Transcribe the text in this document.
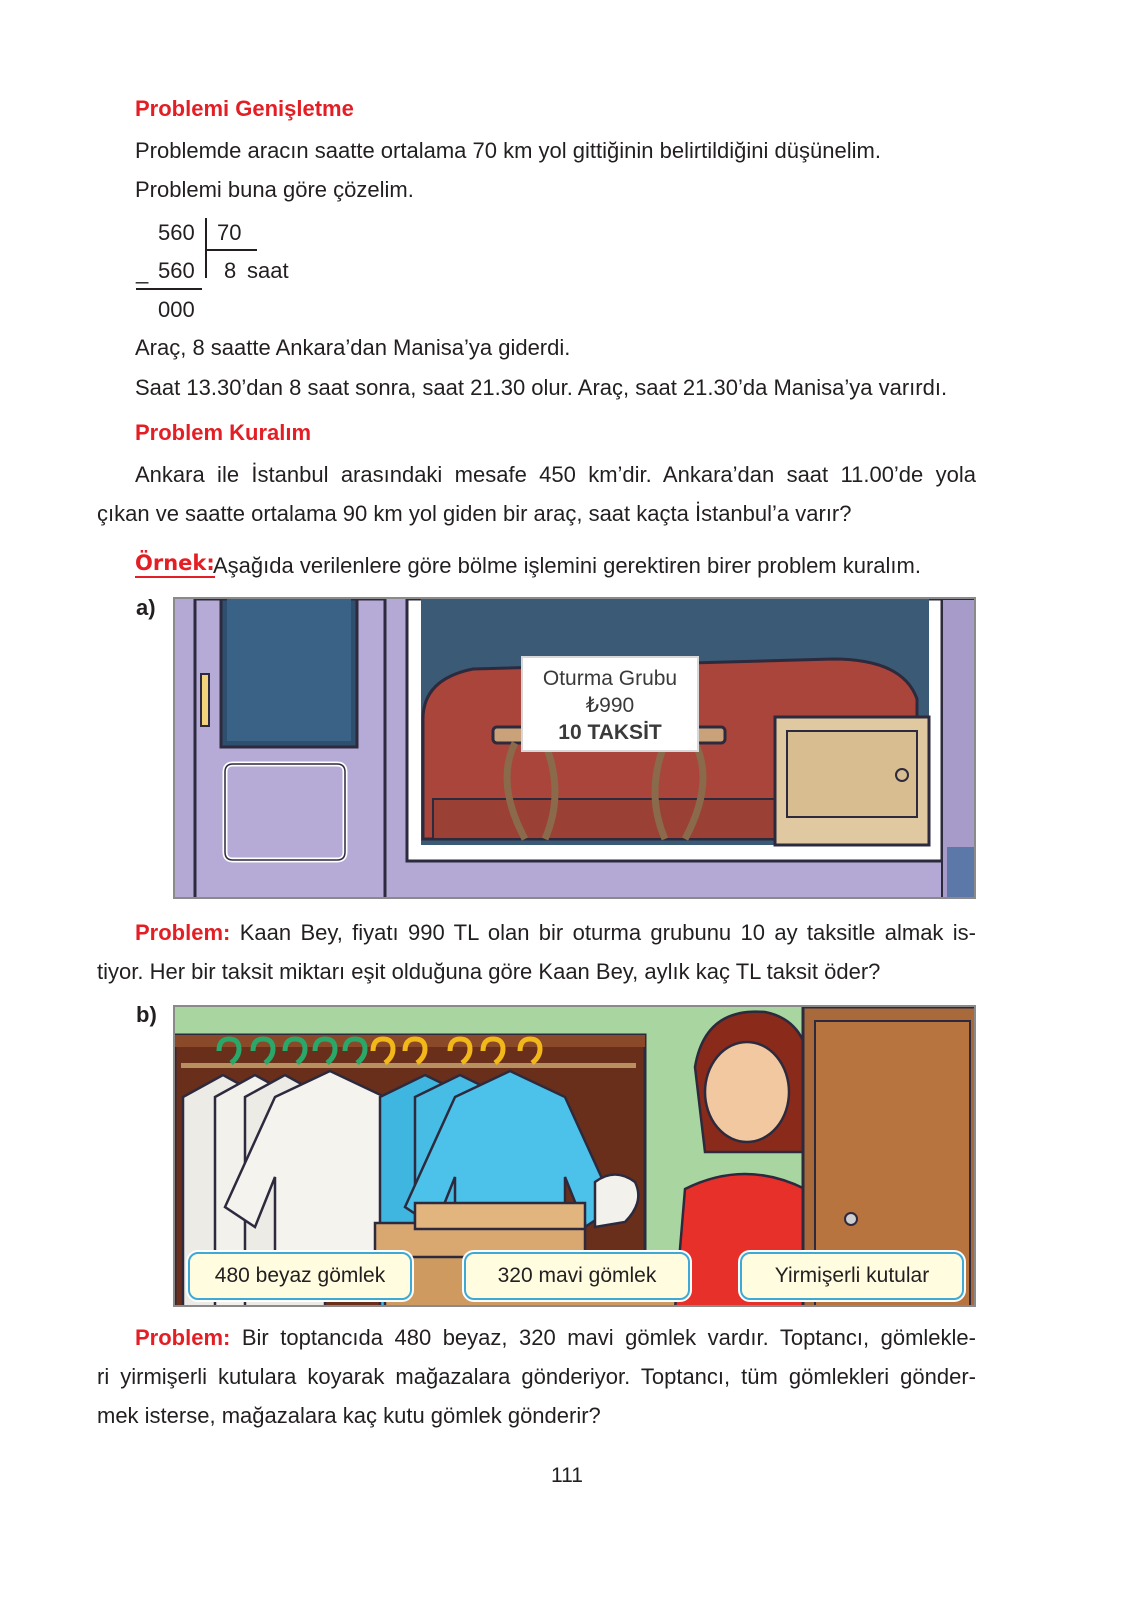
Problemi Genişletme
Problemde aracın saatte ortalama 70 km yol gittiğinin belirtildiğini düşünelim.
Problemi buna göre çözelim.
560 70
_ 560 8 saat
000
Araç, 8 saatte Ankara’dan Manisa’ya giderdi.
Saat 13.30’dan 8 saat sonra, saat 21.30 olur. Araç, saat 21.30’da Manisa’ya varırdı.
Problem Kuralım
Ankara ile İstanbul arasındaki mesafe 450 km’dir. Ankara’dan saat 11.00’de yola
çıkan ve saatte ortalama 90 km yol giden bir araç, saat kaçta İstanbul’a varır?
Örnek:
Aşağıda verilenlere göre bölme işlemini gerektiren birer problem kuralım.
a)
Oturma Grubu
₺990
10 TAKSİT
Problem: Kaan Bey, fiyatı 990 TL olan bir oturma grubunu 10 ay taksitle almak is-
tiyor. Her bir taksit miktarı eşit olduğuna göre Kaan Bey, aylık kaç TL taksit öder?
b)
480 beyaz gömlek	320 mavi gömlek	Yirmişerli kutular
Problem: Bir toptancıda 480 beyaz, 320 mavi gömlek vardır. Toptancı, gömlekle-
ri yirmişerli kutulara koyarak mağazalara gönderiyor. Toptancı, tüm gömlekleri gönder-
mek isterse, mağazalara kaç kutu gömlek gönderir?
111
